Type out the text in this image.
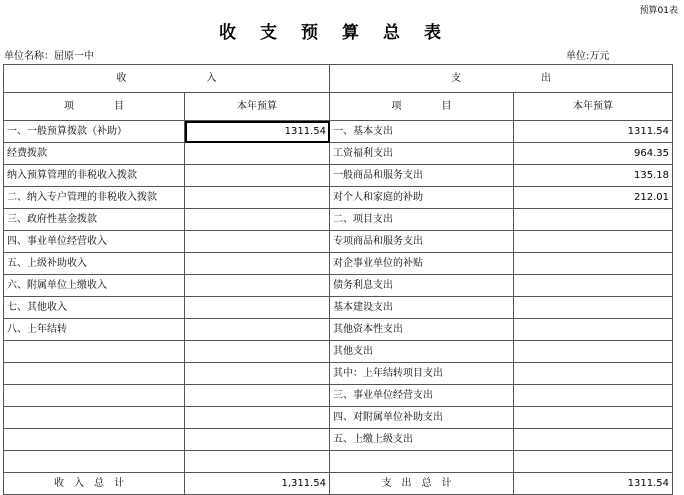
预算01表
收支预算总表
单位名称：屈原一中	单位:万元
收　　　　　　　　入		支　　　　　　　　出	
项　　　　目	本年预算	项　　　　目	本年预算
一、一般预算拨款（补助）	1311.54	一、基本支出	1311.54
经费拨款		工资福利支出	964.35
纳入预算管理的非税收入拨款		一般商品和服务支出	135.18
二、纳入专户管理的非税收入拨款		对个人和家庭的补助	212.01
三、政府性基金拨款		二、项目支出	
四、事业单位经营收入		专项商品和服务支出	
五、上级补助收入		对企事业单位的补贴	
六、附属单位上缴收入		债务利息支出	
七、其他收入		基本建设支出	
八、上年结转		其他资本性支出	
		其他支出	
		其中：上年结转项目支出	
		三、事业单位经营支出	
		四、对附属单位补助支出	
		五、上缴上级支出	

收入总计	1,311.54	支出总计	1311.54
